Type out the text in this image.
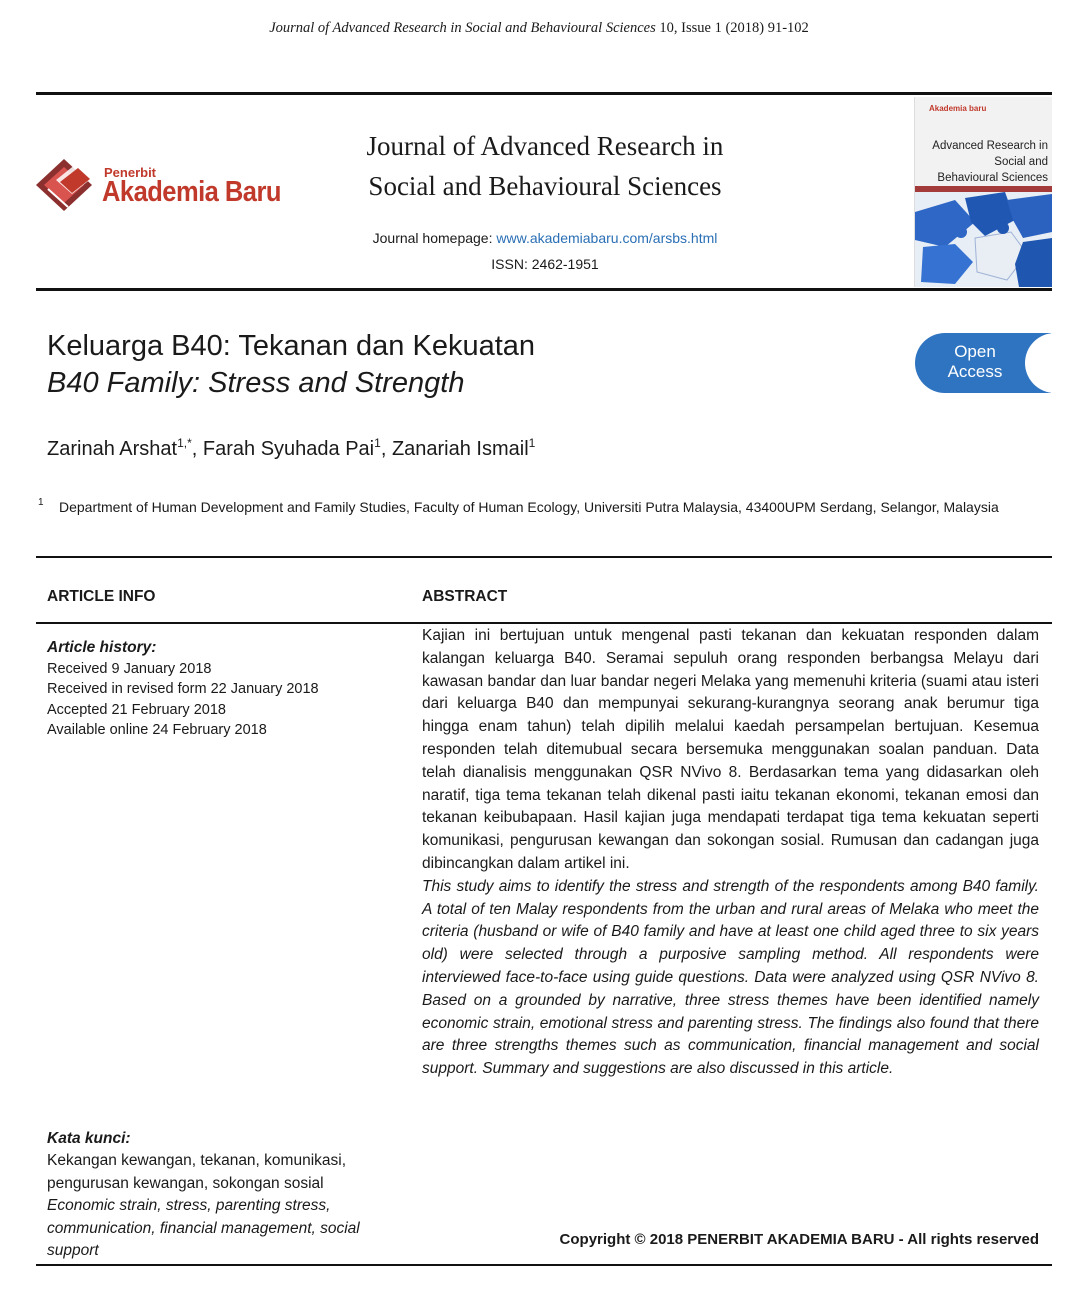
Journal of Advanced Research in Social and Behavioural Sciences 10, Issue 1 (2018) 91-102
Penerbit
Akademia Baru
Journal of Advanced Research in
Social and Behavioural Sciences
Journal homepage: www.akademiabaru.com/arsbs.html
ISSN: 2462-1951
Akademia baru
Advanced Research in
Social and
Behavioural Sciences
Keluarga B40: Tekanan dan Kekuatan
B40 Family: Stress and Strength
Open
Access
Zarinah Arshat$^{1,*}$, Farah Syuhada Pai$^1$, Zanariah Ismail$^1$
1 Department of Human Development and Family Studies, Faculty of Human Ecology, Universiti Putra Malaysia, 43400UPM Serdang, Selangor, Malaysia
ARTICLE INFO	ABSTRACT
Article history:
Received 9 January 2018
Received in revised form 22 January 2018
Accepted 21 February 2018
Available online 24 February 2018

Kajian ini bertujuan untuk mengenal pasti tekanan dan kekuatan responden dalam kalangan keluarga B40. Seramai sepuluh orang responden berbangsa Melayu dari kawasan bandar dan luar bandar negeri Melaka yang memenuhi kriteria (suami atau isteri dari keluarga B40 dan mempunyai sekurang-kurangnya seorang anak berumur tiga hingga enam tahun) telah dipilih melalui kaedah persampelan bertujuan. Kesemua responden telah ditemubual secara bersemuka menggunakan soalan panduan. Data telah dianalisis menggunakan QSR NVivo 8. Berdasarkan tema yang didasarkan oleh naratif, tiga tema tekanan telah dikenal pasti iaitu tekanan ekonomi, tekanan emosi dan tekanan keibubapaan. Hasil kajian juga mendapati terdapat tiga tema kekuatan seperti komunikasi, pengurusan kewangan dan sokongan sosial. Rumusan dan cadangan juga dibincangkan dalam artikel ini.

This study aims to identify the stress and strength of the respondents among B40 family. A total of ten Malay respondents from the urban and rural areas of Melaka who meet the criteria (husband or wife of B40 family and have at least one child aged three to six years old) were selected through a purposive sampling method. All respondents were interviewed face-to-face using guide questions. Data were analyzed using QSR NVivo 8. Based on a grounded by narrative, three stress themes have been identified namely economic strain, emotional stress and parenting stress. The findings also found that there are three strengths themes such as communication, financial management and social support. Summary and suggestions are also discussed in this article.

Kata kunci:
Kekangan kewangan, tekanan, komunikasi, pengurusan kewangan, sokongan sosial
Economic strain, stress, parenting stress, communication, financial management, social support
Copyright © 2018 PENERBIT AKADEMIA BARU - All rights reserved
